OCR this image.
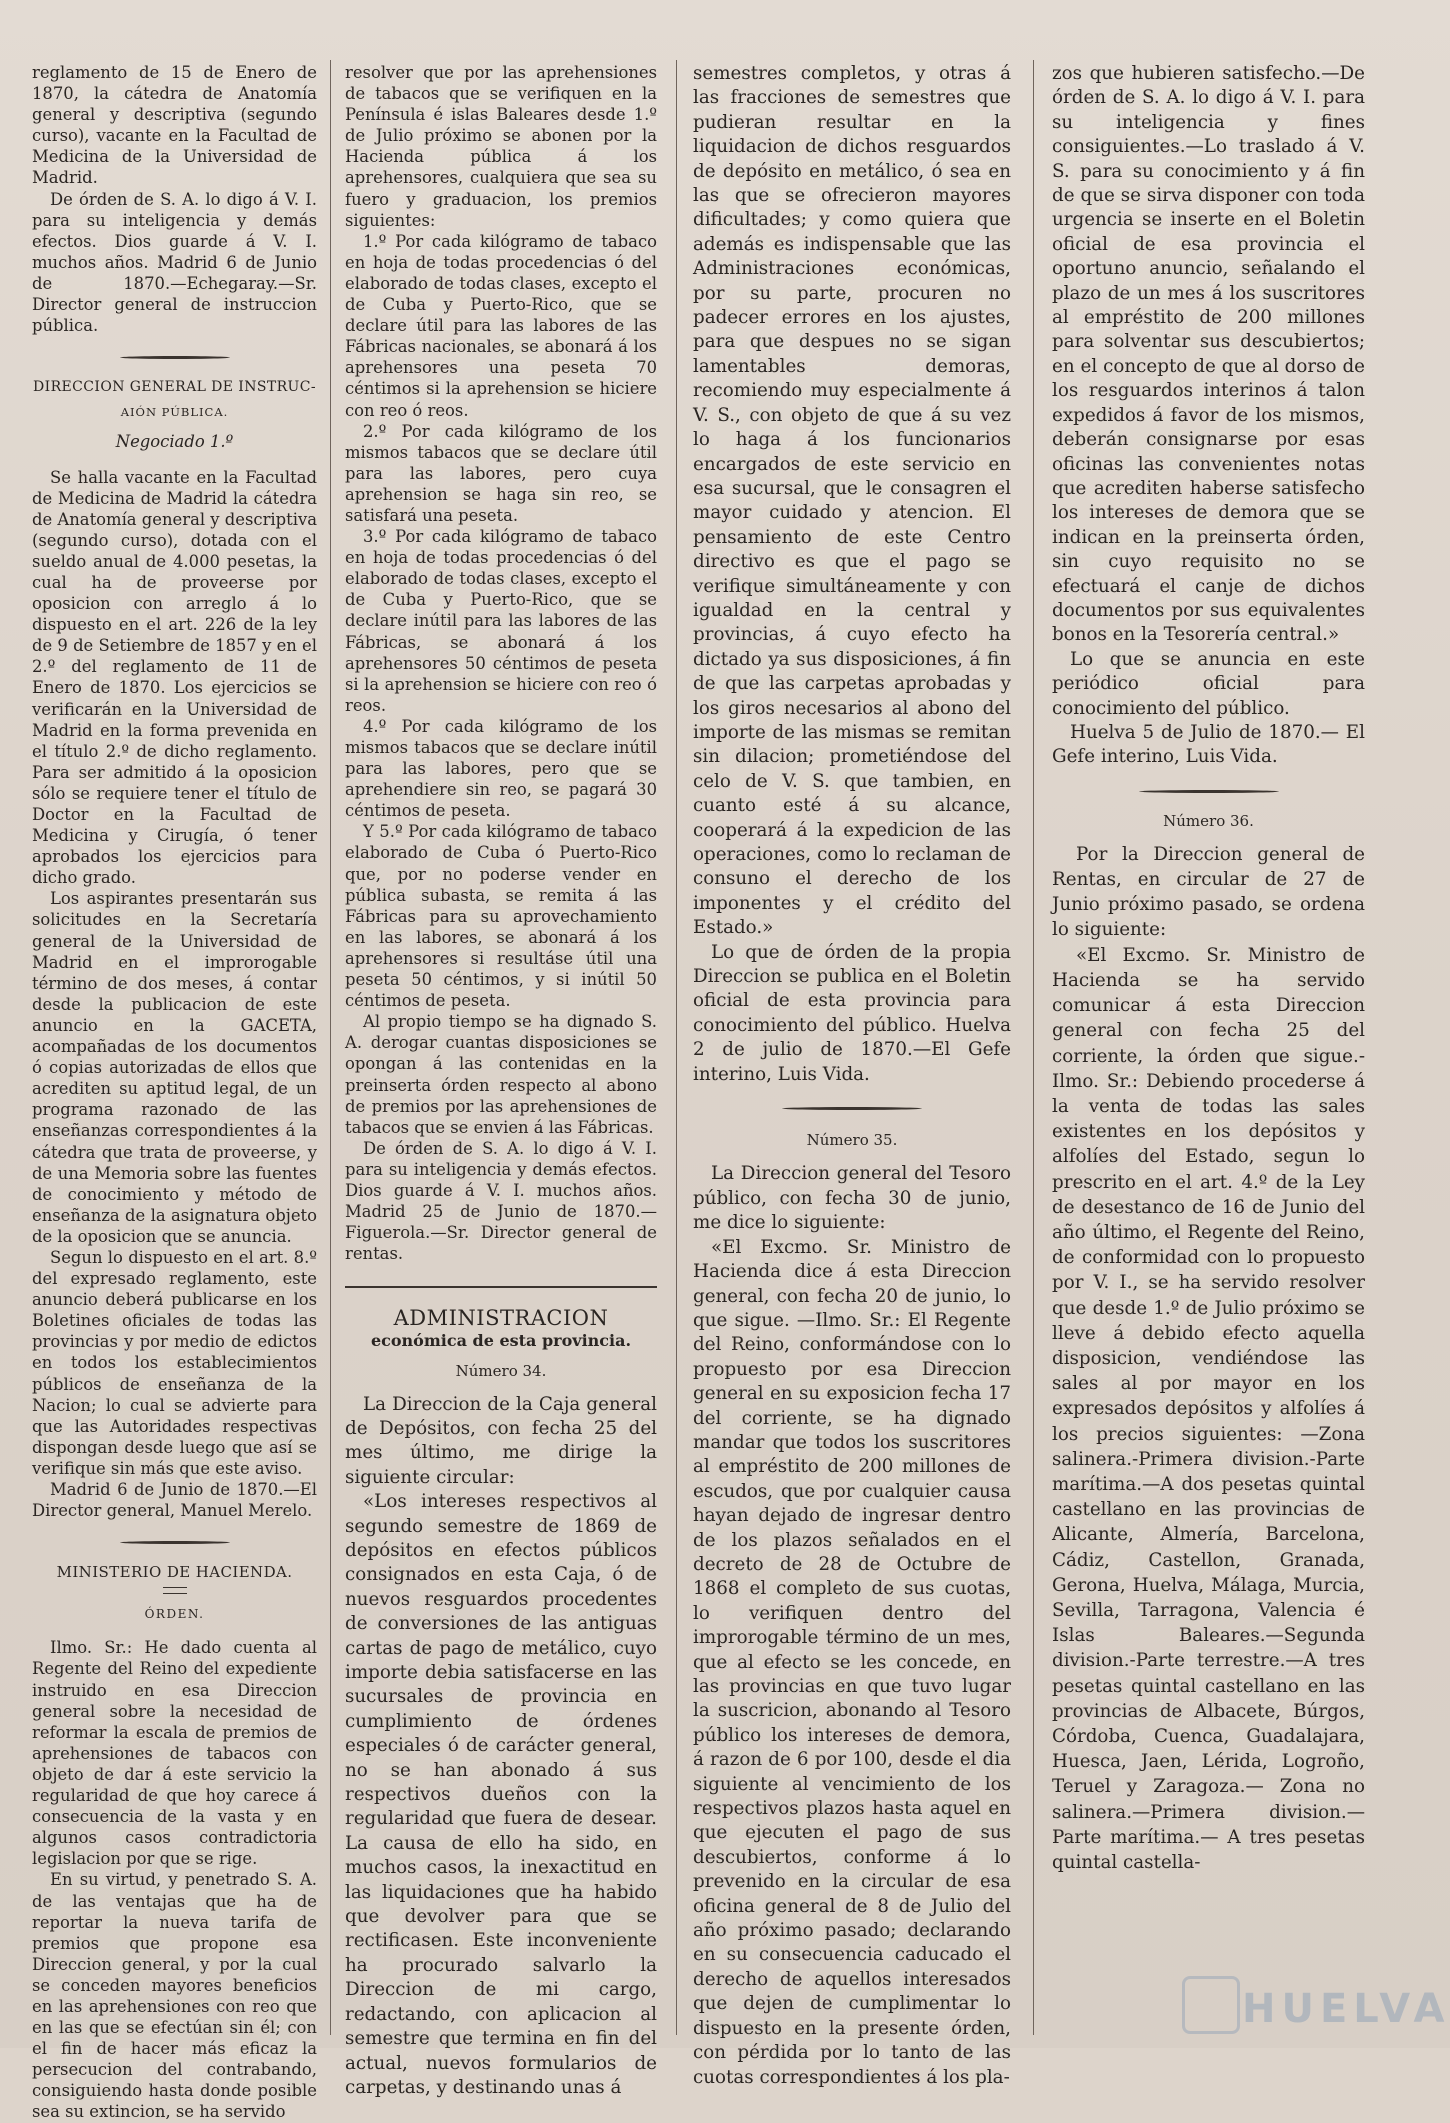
reglamento de 15 de Enero de 1870, la cátedra de Anatomía general y descriptiva (segundo curso), vacante en la Facultad de Medicina de la Universidad de Madrid.

De órden de S. A. lo digo á V. I. para su inteligencia y demás efectos. Dios guarde á V. I. muchos años. Madrid 6 de Junio de 1870.—Echegaray.—Sr. Director general de instruccion pública.

DIRECCION GENERAL DE INSTRUC-
AIÓN PÚBLICA.
Negociado 1.º

Se halla vacante en la Facultad de Medicina de Madrid la cátedra de Anatomía general y descriptiva (segundo curso), dotada con el sueldo anual de 4.000 pesetas, la cual ha de proveerse por oposicion con arreglo á lo dispuesto en el art. 226 de la ley de 9 de Setiembre de 1857 y en el 2.º del reglamento de 11 de Enero de 1870. Los ejercicios se verificarán en la Universidad de Madrid en la forma prevenida en el título 2.º de dicho reglamento. Para ser admitido á la oposicion sólo se requiere tener el título de Doctor en la Facultad de Medicina y Cirugía, ó tener aprobados los ejercicios para dicho grado.

Los aspirantes presentarán sus solicitudes en la Secretaría general de la Universidad de Madrid en el improrogable término de dos meses, á contar desde la publicacion de este anuncio en la GACETA, acompañadas de los documentos ó copias autorizadas de ellos que acrediten su aptitud legal, de un programa razonado de las enseñanzas correspondientes á la cátedra que trata de proveerse, y de una Memoria sobre las fuentes de conocimiento y método de enseñanza de la asignatura objeto de la oposicion que se anuncia.

Segun lo dispuesto en el art. 8.º del expresado reglamento, este anuncio deberá publicarse en los Boletines oficiales de todas las provincias y por medio de edictos en todos los establecimientos públicos de enseñanza de la Nacion; lo cual se advierte para que las Autoridades respectivas dispongan desde luego que así se verifique sin más que este aviso.

Madrid 6 de Junio de 1870.—El Director general, Manuel Merelo.

MINISTERIO DE HACIENDA.
ÓRDEN.

Ilmo. Sr.: He dado cuenta al Regente del Reino del expediente instruido en esa Direccion general sobre la necesidad de reformar la escala de premios de aprehensiones de tabacos con objeto de dar á este servicio la regularidad de que hoy carece á consecuencia de la vasta y en algunos casos contradictoria legislacion por que se rige.

En su virtud, y penetrado S. A. de las ventajas que ha de reportar la nueva tarifa de premios que propone esa Direccion general, y por la cual se conceden mayores beneficios en las aprehensiones con reo que en las que se efectúan sin él; con el fin de hacer más eficaz la persecucion del contrabando, consiguiendo hasta donde posible sea su extincion, se ha servido

resolver que por las aprehensiones de tabacos que se verifiquen en la Península é islas Baleares desde 1.º de Julio próximo se abonen por la Hacienda pública á los aprehensores, cualquiera que sea su fuero y graduacion, los premios siguientes:

1.º Por cada kilógramo de tabaco en hoja de todas procedencias ó del elaborado de todas clases, excepto el de Cuba y Puerto-Rico, que se declare útil para las labores de las Fábricas nacionales, se abonará á los aprehensores una peseta 70 céntimos si la aprehension se hiciere con reo ó reos.

2.º Por cada kilógramo de los mismos tabacos que se declare útil para las labores, pero cuya aprehension se haga sin reo, se satisfará una peseta.

3.º Por cada kilógramo de tabaco en hoja de todas procedencias ó del elaborado de todas clases, excepto el de Cuba y Puerto-Rico, que se declare inútil para las labores de las Fábricas, se abonará á los aprehensores 50 céntimos de peseta si la aprehension se hiciere con reo ó reos.

4.º Por cada kilógramo de los mismos tabacos que se declare inútil para las labores, pero que se aprehendiere sin reo, se pagará 30 céntimos de peseta.

Y 5.º Por cada kilógramo de tabaco elaborado de Cuba ó Puerto-Rico que, por no poderse vender en pública subasta, se remita á las Fábricas para su aprovechamiento en las labores, se abonará á los aprehensores si resultáse útil una peseta 50 céntimos, y si inútil 50 céntimos de peseta.

Al propio tiempo se ha dignado S. A. derogar cuantas disposiciones se opongan á las contenidas en la preinserta órden respecto al abono de premios por las aprehensiones de tabacos que se envien á las Fábricas.

De órden de S. A. lo digo á V. I. para su inteligencia y demás efectos. Dios guarde á V. I. muchos años. Madrid 25 de Junio de 1870.—Figuerola.—Sr. Director general de rentas.

ADMINISTRACION
económica de esta provincia.
Número 34.

La Direccion de la Caja general de Depósitos, con fecha 25 del mes último, me dirige la siguiente circular:

«Los intereses respectivos al segundo semestre de 1869 de depósitos en efectos públicos consignados en esta Caja, ó de nuevos resguardos procedentes de conversiones de las antiguas cartas de pago de metálico, cuyo importe debia satisfacerse en las sucursales de provincia en cumplimiento de órdenes especiales ó de carácter general, no se han abonado á sus respectivos dueños con la regularidad que fuera de desear. La causa de ello ha sido, en muchos casos, la inexactitud en las liquidaciones que ha habido que devolver para que se rectificasen. Este inconveniente ha procurado salvarlo la Direccion de mi cargo, redactando, con aplicacion al semestre que termina en fin del actual, nuevos formularios de carpetas, y destinando unas á

semestres completos, y otras á las fracciones de semestres que pudieran resultar en la liquidacion de dichos resguardos de depósito en metálico, ó sea en las que se ofrecieron mayores dificultades; y como quiera que además es indispensable que las Administraciones económicas, por su parte, procuren no padecer errores en los ajustes, para que despues no se sigan lamentables demoras, recomiendo muy especialmente á V. S., con objeto de que á su vez lo haga á los funcionarios encargados de este servicio en esa sucursal, que le consagren el mayor cuidado y atencion. El pensamiento de este Centro directivo es que el pago se verifique simultáneamente y con igualdad en la central y provincias, á cuyo efecto ha dictado ya sus disposiciones, á fin de que las carpetas aprobadas y los giros necesarios al abono del importe de las mismas se remitan sin dilacion; prometiéndose del celo de V. S. que tambien, en cuanto esté á su alcance, cooperará á la expedicion de las operaciones, como lo reclaman de consuno el derecho de los imponentes y el crédito del Estado.»

Lo que de órden de la propia Direccion se publica en el Boletin oficial de esta provincia para conocimiento del público. Huelva 2 de julio de 1870.—El Gefe interino, Luis Vida.

Número 35.

La Direccion general del Tesoro público, con fecha 30 de junio, me dice lo siguiente:

«El Excmo. Sr. Ministro de Hacienda dice á esta Direccion general, con fecha 20 de junio, lo que sigue. —Ilmo. Sr.: El Regente del Reino, conformándose con lo propuesto por esa Direccion general en su exposicion fecha 17 del corriente, se ha dignado mandar que todos los suscritores al empréstito de 200 millones de escudos, que por cualquier causa hayan dejado de ingresar dentro de los plazos señalados en el decreto de 28 de Octubre de 1868 el completo de sus cuotas, lo verifiquen dentro del improrogable término de un mes, que al efecto se les concede, en las provincias en que tuvo lugar la suscricion, abonando al Tesoro público los intereses de demora, á razon de 6 por 100, desde el dia siguiente al vencimiento de los respectivos plazos hasta aquel en que ejecuten el pago de sus descubiertos, conforme á lo prevenido en la circular de esa oficina general de 8 de Julio del año próximo pasado; declarando en su consecuencia caducado el derecho de aquellos interesados que dejen de cumplimentar lo dispuesto en la presente órden, con pérdida por lo tanto de las cuotas correspondientes á los pla-

zos que hubieren satisfecho.—De órden de S. A. lo digo á V. I. para su inteligencia y fines consiguientes.—Lo traslado á V. S. para su conocimiento y á fin de que se sirva disponer con toda urgencia se inserte en el Boletin oficial de esa provincia el oportuno anuncio, señalando el plazo de un mes á los suscritores al empréstito de 200 millones para solventar sus descubiertos; en el concepto de que al dorso de los resguardos interinos á talon expedidos á favor de los mismos, deberán consignarse por esas oficinas las convenientes notas que acrediten haberse satisfecho los intereses de demora que se indican en la preinserta órden, sin cuyo requisito no se efectuará el canje de dichos documentos por sus equivalentes bonos en la Tesorería central.»

Lo que se anuncia en este periódico oficial para conocimiento del público.

Huelva 5 de Julio de 1870.— El Gefe interino, Luis Vida.

Número 36.

Por la Direccion general de Rentas, en circular de 27 de Junio próximo pasado, se ordena lo siguiente:

«El Excmo. Sr. Ministro de Hacienda se ha servido comunicar á esta Direccion general con fecha 25 del corriente, la órden que sigue.-Ilmo. Sr.: Debiendo procederse á la venta de todas las sales existentes en los depósitos y alfolíes del Estado, segun lo prescrito en el art. 4.º de la Ley de desestanco de 16 de Junio del año último, el Regente del Reino, de conformidad con lo propuesto por V. I., se ha servido resolver que desde 1.º de Julio próximo se lleve á debido efecto aquella disposicion, vendiéndose las sales al por mayor en los expresados depósitos y alfolíes á los precios siguientes: —Zona salinera.-Primera division.-Parte marítima.—A dos pesetas quintal castellano en las provincias de Alicante, Almería, Barcelona, Cádiz, Castellon, Granada, Gerona, Huelva, Málaga, Murcia, Sevilla, Tarragona, Valencia é Islas Baleares.—Segunda division.-Parte terrestre.—A tres pesetas quintal castellano en las provincias de Albacete, Búrgos, Córdoba, Cuenca, Guadalajara, Huesca, Jaen, Lérida, Logroño, Teruel y Zaragoza.— Zona no salinera.—Primera division.—Parte marítima.— A tres pesetas quintal castella-

HUELVA
